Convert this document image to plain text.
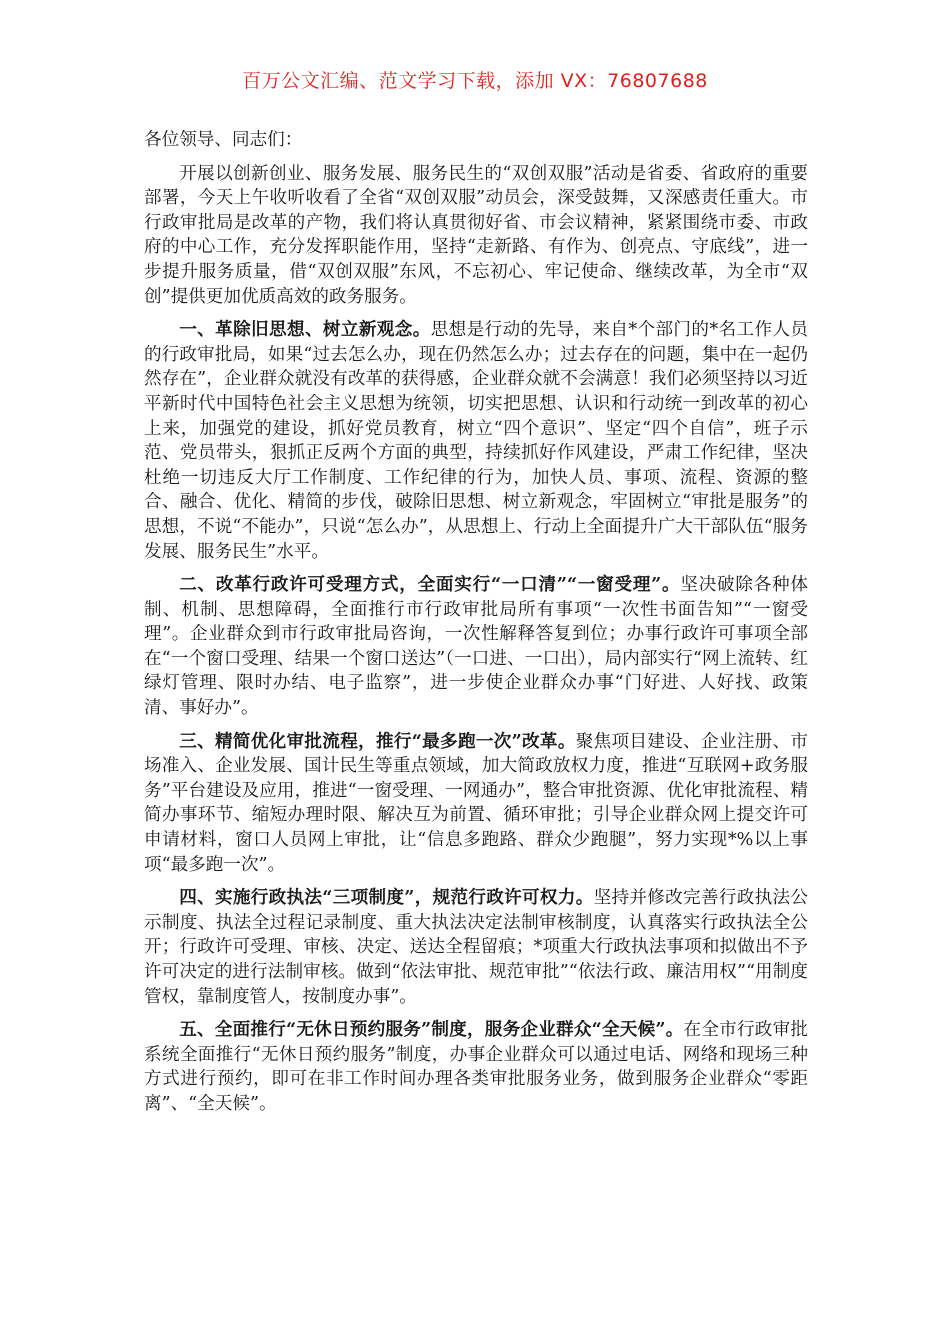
百万公文汇编、范文学习下载，添加 VX：76807688

各位领导、同志们：

开展以创新创业、服务发展、服务民生的“双创双服”活动是省委、省政府的重要部署，今天上午收听收看了全省“双创双服”动员会，深受鼓舞，又深感责任重大。市行政审批局是改革的产物，我们将认真贯彻好省、市会议精神，紧紧围绕市委、市政府的中心工作，充分发挥职能作用，坚持“走新路、有作为、创亮点、守底线”，进一步提升服务质量，借“双创双服”东风，不忘初心、牢记使命、继续改革，为全市“双创”提供更加优质高效的政务服务。

一、革除旧思想、树立新观念。思想是行动的先导，来自*个部门的*名工作人员的行政审批局，如果“过去怎么办，现在仍然怎么办；过去存在的问题，集中在一起仍然存在”，企业群众就没有改革的获得感，企业群众就不会满意！我们必须坚持以习近平新时代中国特色社会主义思想为统领，切实把思想、认识和行动统一到改革的初心上来，加强党的建设，抓好党员教育，树立“四个意识”、坚定“四个自信”，班子示范、党员带头，狠抓正反两个方面的典型，持续抓好作风建设，严肃工作纪律，坚决杜绝一切违反大厅工作制度、工作纪律的行为，加快人员、事项、流程、资源的整合、融合、优化、精简的步伐，破除旧思想、树立新观念，牢固树立“审批是服务”的思想，不说“不能办”，只说“怎么办”，从思想上、行动上全面提升广大干部队伍“服务发展、服务民生”水平。

二、改革行政许可受理方式，全面实行“一口清”“一窗受理”。坚决破除各种体制、机制、思想障碍，全面推行市行政审批局所有事项“一次性书面告知”“一窗受理”。企业群众到市行政审批局咨询，一次性解释答复到位；办事行政许可事项全部在“一个窗口受理、结果一个窗口送达”（一口进、一口出），局内部实行“网上流转、红绿灯管理、限时办结、电子监察”，进一步使企业群众办事“门好进、人好找、政策清、事好办”。

三、精简优化审批流程，推行“最多跑一次”改革。聚焦项目建设、企业注册、市场准入、企业发展、国计民生等重点领域，加大简政放权力度，推进“互联网+政务服务”平台建设及应用，推进“一窗受理、一网通办”，整合审批资源、优化审批流程、精简办事环节、缩短办理时限、解决互为前置、循环审批；引导企业群众网上提交许可申请材料，窗口人员网上审批，让“信息多跑路、群众少跑腿”，努力实现*%以上事项“最多跑一次”。

四、实施行政执法“三项制度”，规范行政许可权力。坚持并修改完善行政执法公示制度、执法全过程记录制度、重大执法决定法制审核制度，认真落实行政执法全公开；行政许可受理、审核、决定、送达全程留痕；*项重大行政执法事项和拟做出不予许可决定的进行法制审核。做到“依法审批、规范审批”“依法行政、廉洁用权”“用制度管权，靠制度管人，按制度办事”。

五、全面推行“无休日预约服务”制度，服务企业群众“全天候”。在全市行政审批系统全面推行“无休日预约服务”制度，办事企业群众可以通过电话、网络和现场三种方式进行预约，即可在非工作时间办理各类审批服务业务，做到服务企业群众“零距离”、“全天候”。
